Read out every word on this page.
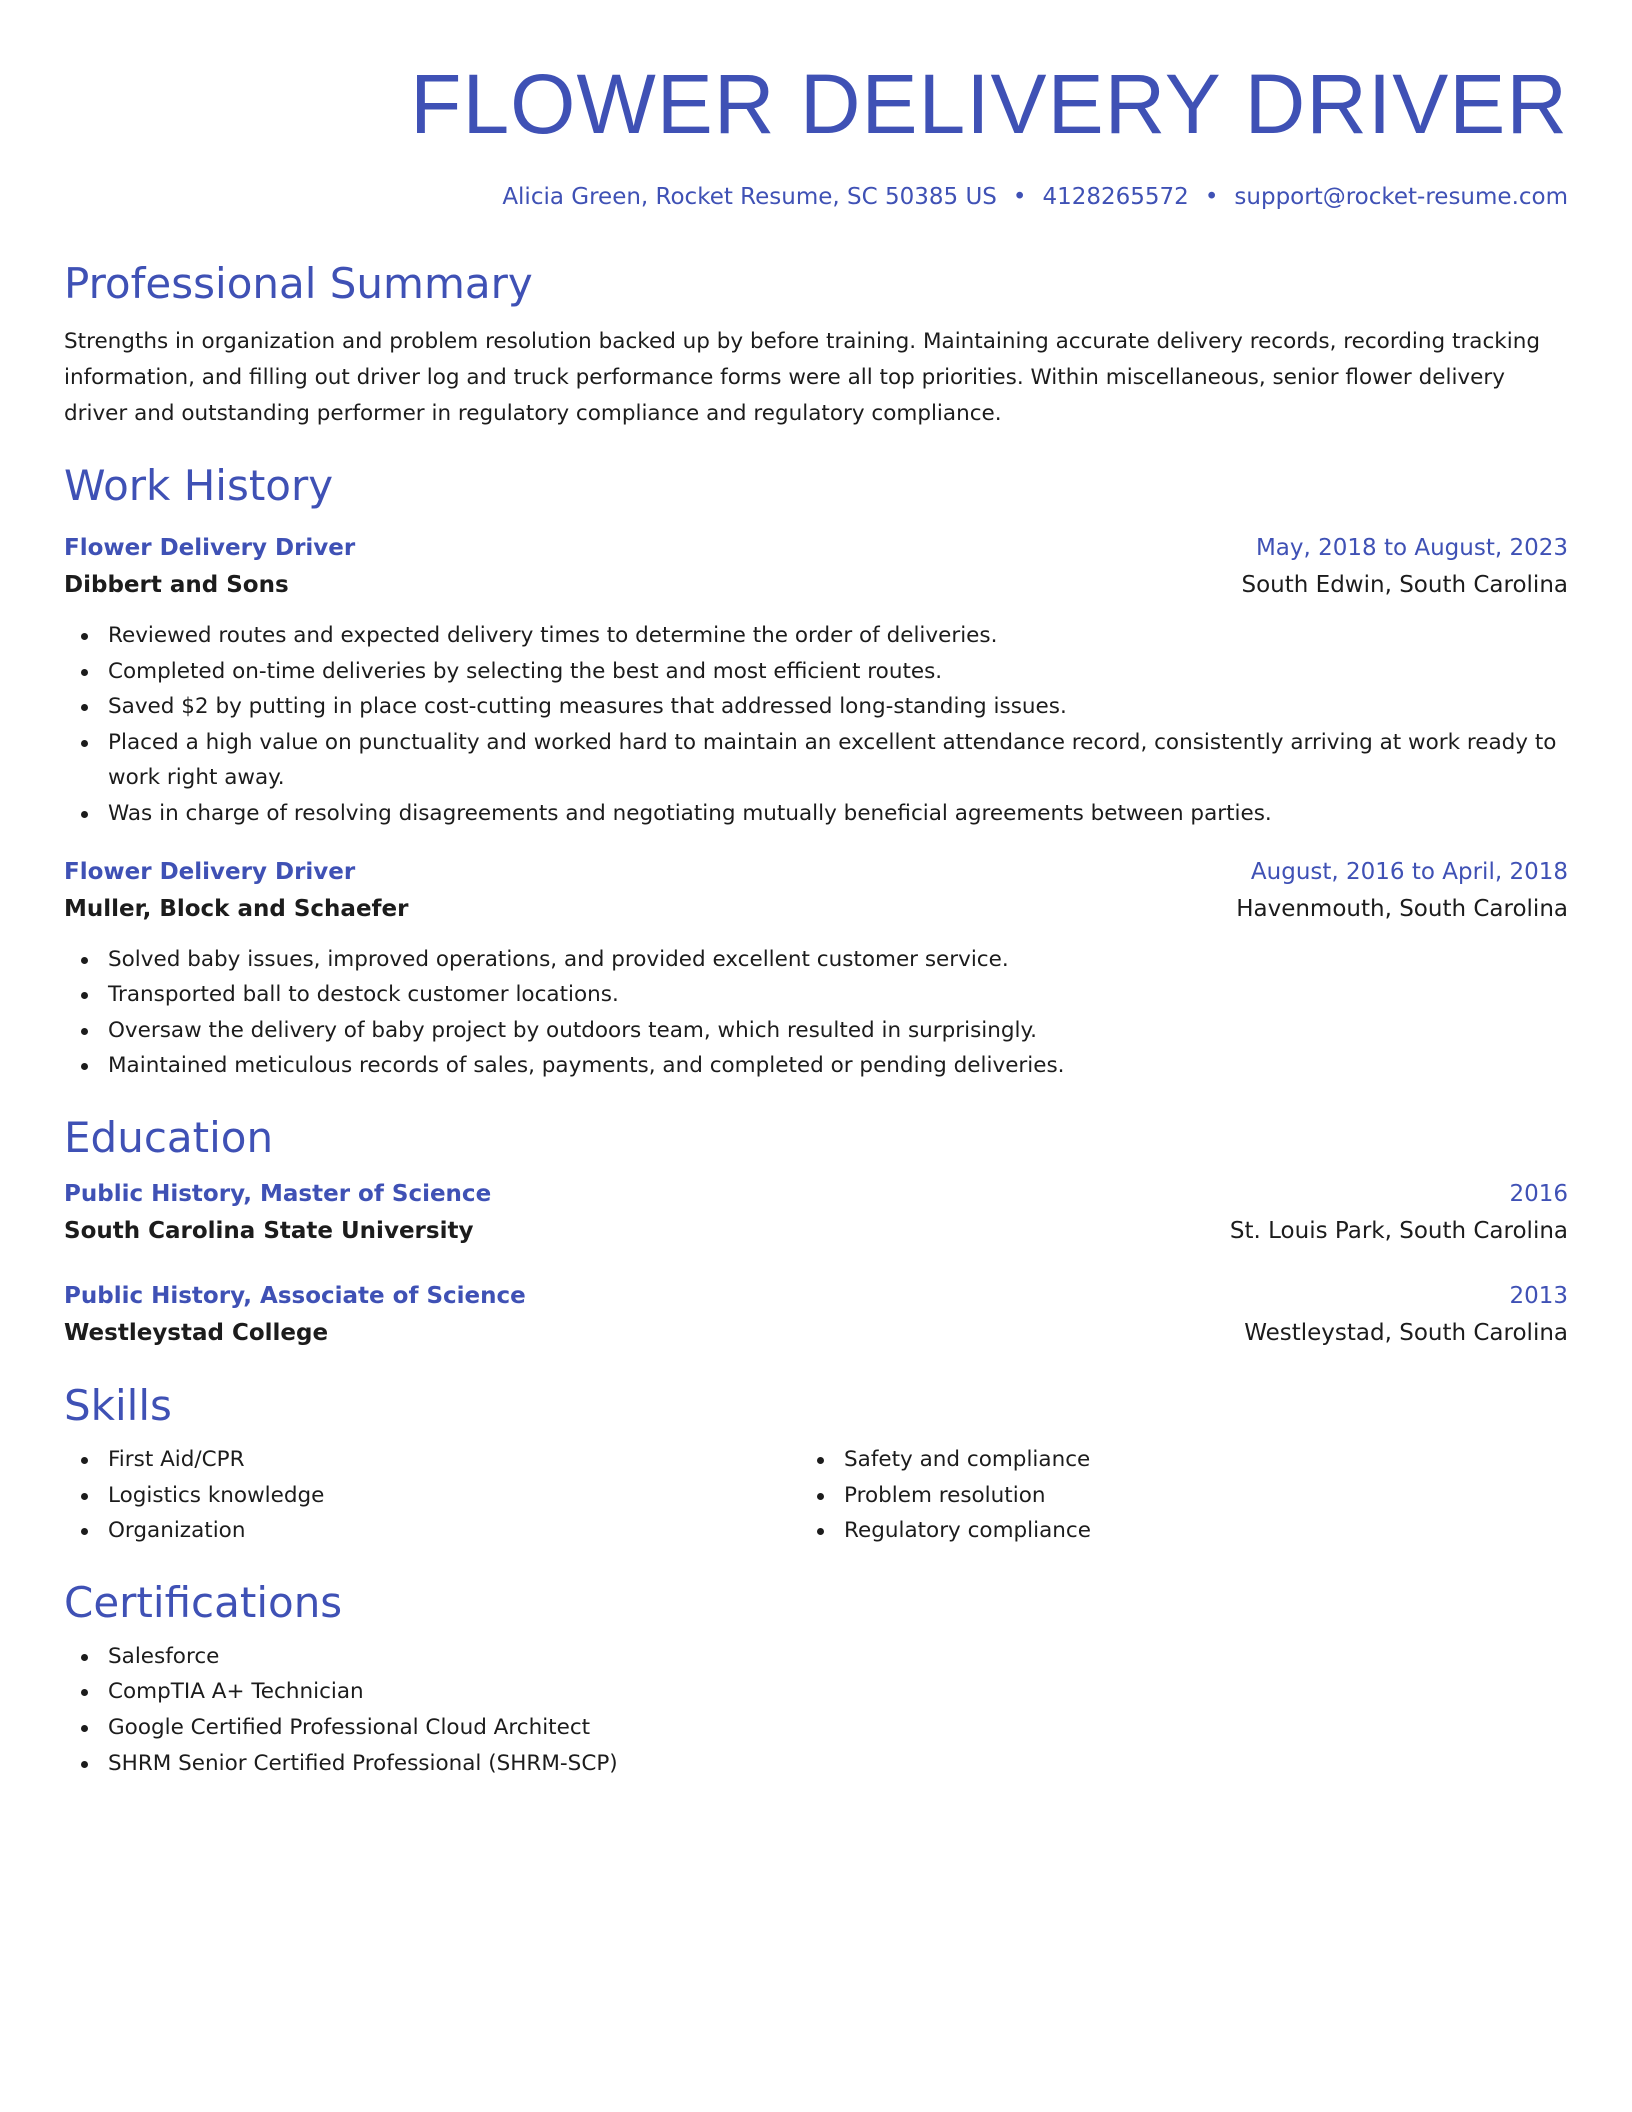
FLOWER DELIVERY DRIVER
Alicia Green, Rocket Resume, SC 50385 US • 4128265572 • support@rocket-resume.com
Professional Summary
Strengths in organization and problem resolution backed up by before training. Maintaining accurate delivery records, recording tracking information, and filling out driver log and truck performance forms were all top priorities. Within miscellaneous, senior flower delivery driver and outstanding performer in regulatory compliance and regulatory compliance.
Work History
Flower Delivery Driver	May, 2018 to August, 2023
Dibbert and Sons	South Edwin, South Carolina
Reviewed routes and expected delivery times to determine the order of deliveries.
Completed on-time deliveries by selecting the best and most efficient routes.
Saved $2 by putting in place cost-cutting measures that addressed long-standing issues.
Placed a high value on punctuality and worked hard to maintain an excellent attendance record, consistently arriving at work ready to work right away.
Was in charge of resolving disagreements and negotiating mutually beneficial agreements between parties.
Flower Delivery Driver	August, 2016 to April, 2018
Muller, Block and Schaefer	Havenmouth, South Carolina
Solved baby issues, improved operations, and provided excellent customer service.
Transported ball to destock customer locations.
Oversaw the delivery of baby project by outdoors team, which resulted in surprisingly.
Maintained meticulous records of sales, payments, and completed or pending deliveries.
Education
Public History, Master of Science	2016
South Carolina State University	St. Louis Park, South Carolina
Public History, Associate of Science	2013
Westleystad College	Westleystad, South Carolina
Skills
First Aid/CPR
Logistics knowledge
Organization
Safety and compliance
Problem resolution
Regulatory compliance
Certifications
Salesforce
CompTIA A+ Technician
Google Certified Professional Cloud Architect
SHRM Senior Certified Professional (SHRM-SCP)
